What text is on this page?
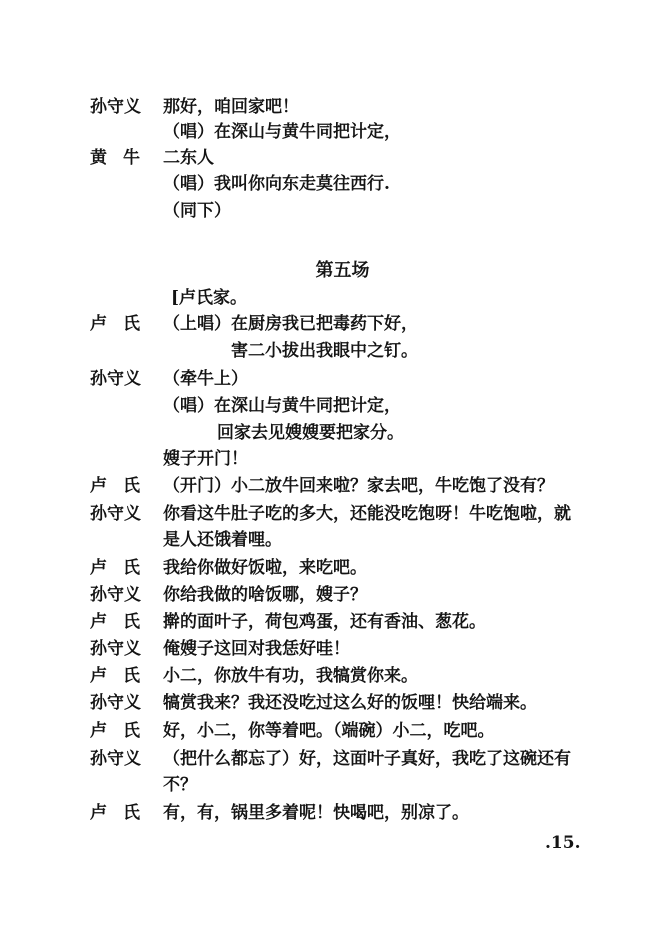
孙守义	那好，咱回家吧！
（唱）在深山与黄牛同把计定，
黄牛 二东人
（唱）我叫你向东走莫往西行.
（同下）
第五场
[卢氏家。
卢氏 （上唱）在厨房我已把毒药下好，
害二小拔出我眼中之钉。
孙守义	（牵牛上）
（唱）在深山与黄牛同把计定，
回家去见嫂嫂要把家分。
嫂子开门！
卢氏 （开门）小二放牛回来啦？家去吧，牛吃饱了没有？
孙守义	你看这牛肚子吃的多大，还能没吃饱呀！牛吃饱啦，就
是人还饿着哩。
卢氏 我给你做好饭啦，来吃吧。
孙守义	你给我做的啥饭哪，嫂子？
卢氏 擀的面叶子，荷包鸡蛋，还有香油、葱花。
孙守义	俺嫂子这回对我恁好哇！
卢氏 小二，你放牛有功，我犒赏你来。
孙守义	犒赏我来？我还没吃过这么好的饭哩！快给端来。
卢氏 好，小二，你等着吧。（端碗）小二，吃吧。
孙守义	（把什么都忘了）好，这面叶子真好，我吃了这碗还有
不？
卢氏 有，有，锅里多着呢！快喝吧，别凉了。
.15.
